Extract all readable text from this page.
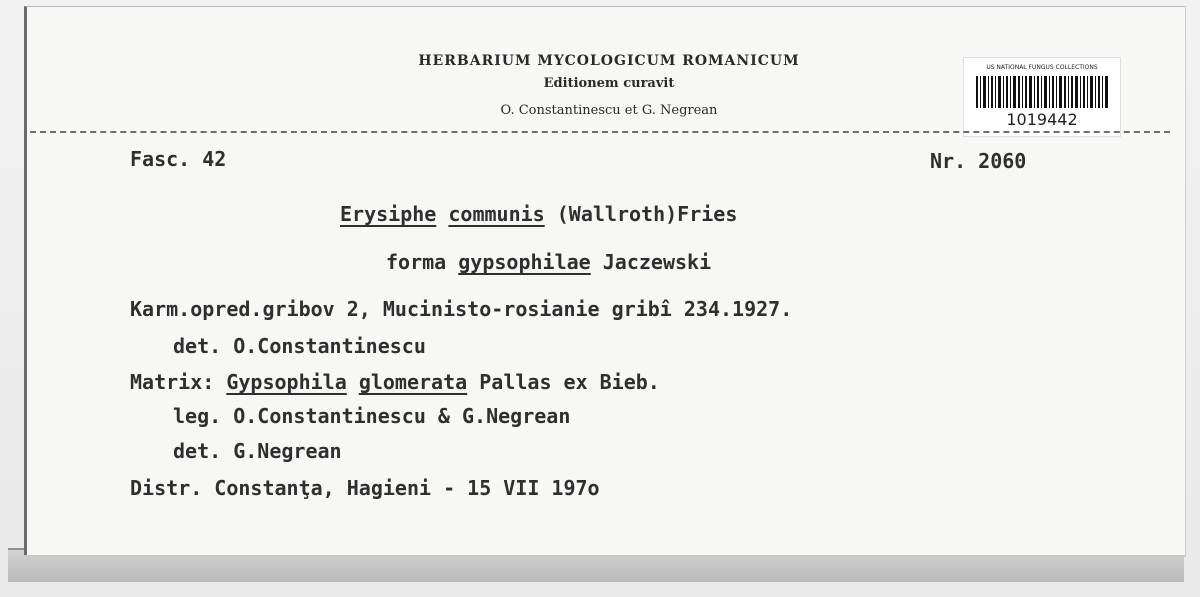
HERBARIUM MYCOLOGICUM ROMANICUM
Editionem curavit
O. Constantinescu et G. Negrean
US NATIONAL FUNGUS COLLECTIONS
1019442
Fasc. 42	Nr. 2060
Erysiphe communis (Wallroth)Fries
forma gypsophilae Jaczewski
Karm.opred.gribov 2, Mucinisto-rosianie gribî 234.1927.
det. O.Constantinescu
Matrix: Gypsophila glomerata Pallas ex Bieb.
leg. O.Constantinescu & G.Negrean
det. G.Negrean
Distr. Constanţa, Hagieni - 15 VII 197o
